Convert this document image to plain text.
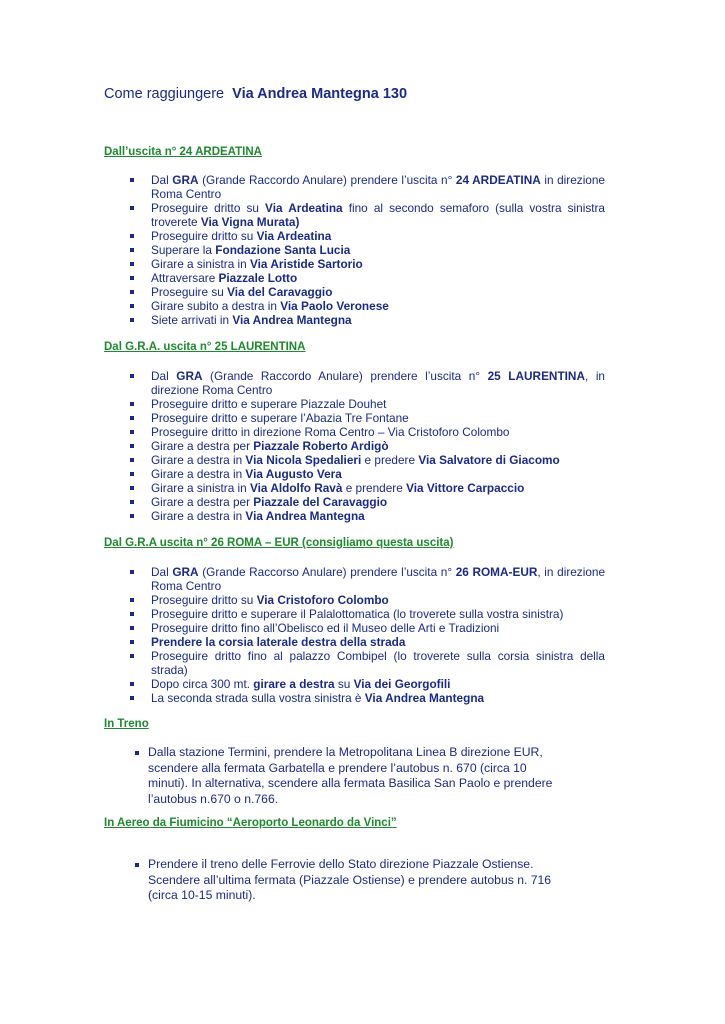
Come raggiungere Via Andrea Mantegna 130
Dall’uscita n° 24 ARDEATINA
Dal GRA (Grande Raccordo Anulare) prendere l’uscita n° 24 ARDEATINA in direzione Roma Centro
Proseguire dritto su Via Ardeatina fino al secondo semaforo (sulla vostra sinistra troverete Via Vigna Murata)
Proseguire dritto su Via Ardeatina
Superare la Fondazione Santa Lucia
Girare a sinistra in Via Aristide Sartorio
Attraversare Piazzale Lotto
Proseguire su Via del Caravaggio
Girare subito a destra in Via Paolo Veronese
Siete arrivati in Via Andrea Mantegna
Dal G.R.A. uscita n° 25 LAURENTINA
Dal GRA (Grande Raccordo Anulare) prendere l’uscita n° 25 LAURENTINA, in direzione Roma Centro
Proseguire dritto e superare Piazzale Douhet
Proseguire dritto e superare l’Abazia Tre Fontane
Proseguire dritto in direzione Roma Centro – Via Cristoforo Colombo
Girare a destra per Piazzale Roberto Ardigò
Girare a destra in Via Nicola Spedalieri e predere Via Salvatore di Giacomo
Girare a destra in Via Augusto Vera
Girare a sinistra in Via Aldolfo Ravà e prendere Via Vittore Carpaccio
Girare a destra per Piazzale del Caravaggio
Girare a destra in Via Andrea Mantegna
Dal G.R.A uscita n° 26 ROMA – EUR (consigliamo questa uscita)
Dal GRA (Grande Raccorso Anulare) prendere l’uscita n° 26 ROMA-EUR, in direzione Roma Centro
Proseguire dritto su Via Cristoforo Colombo
Proseguire dritto e superare il Palalottomatica (lo troverete sulla vostra sinistra)
Proseguire dritto fino all’Obelisco ed il Museo delle Arti e Tradizioni
Prendere la corsia laterale destra della strada
Proseguire dritto fino al palazzo Combipel (lo troverete sulla corsia sinistra della strada)
Dopo circa 300 mt. girare a destra su Via dei Georgofili
La seconda strada sulla vostra sinistra è Via Andrea Mantegna
In Treno
Dalla stazione Termini, prendere la Metropolitana Linea B direzione EUR, scendere alla fermata Garbatella e prendere l’autobus n. 670 (circa 10 minuti). In alternativa, scendere alla fermata Basilica San Paolo e prendere l’autobus n.670 o n.766.
In Aereo da Fiumicino “Aeroporto Leonardo da Vinci”
Prendere il treno delle Ferrovie dello Stato direzione Piazzale Ostiense. Scendere all’ultima fermata (Piazzale Ostiense) e prendere autobus n. 716 (circa 10-15 minuti).
